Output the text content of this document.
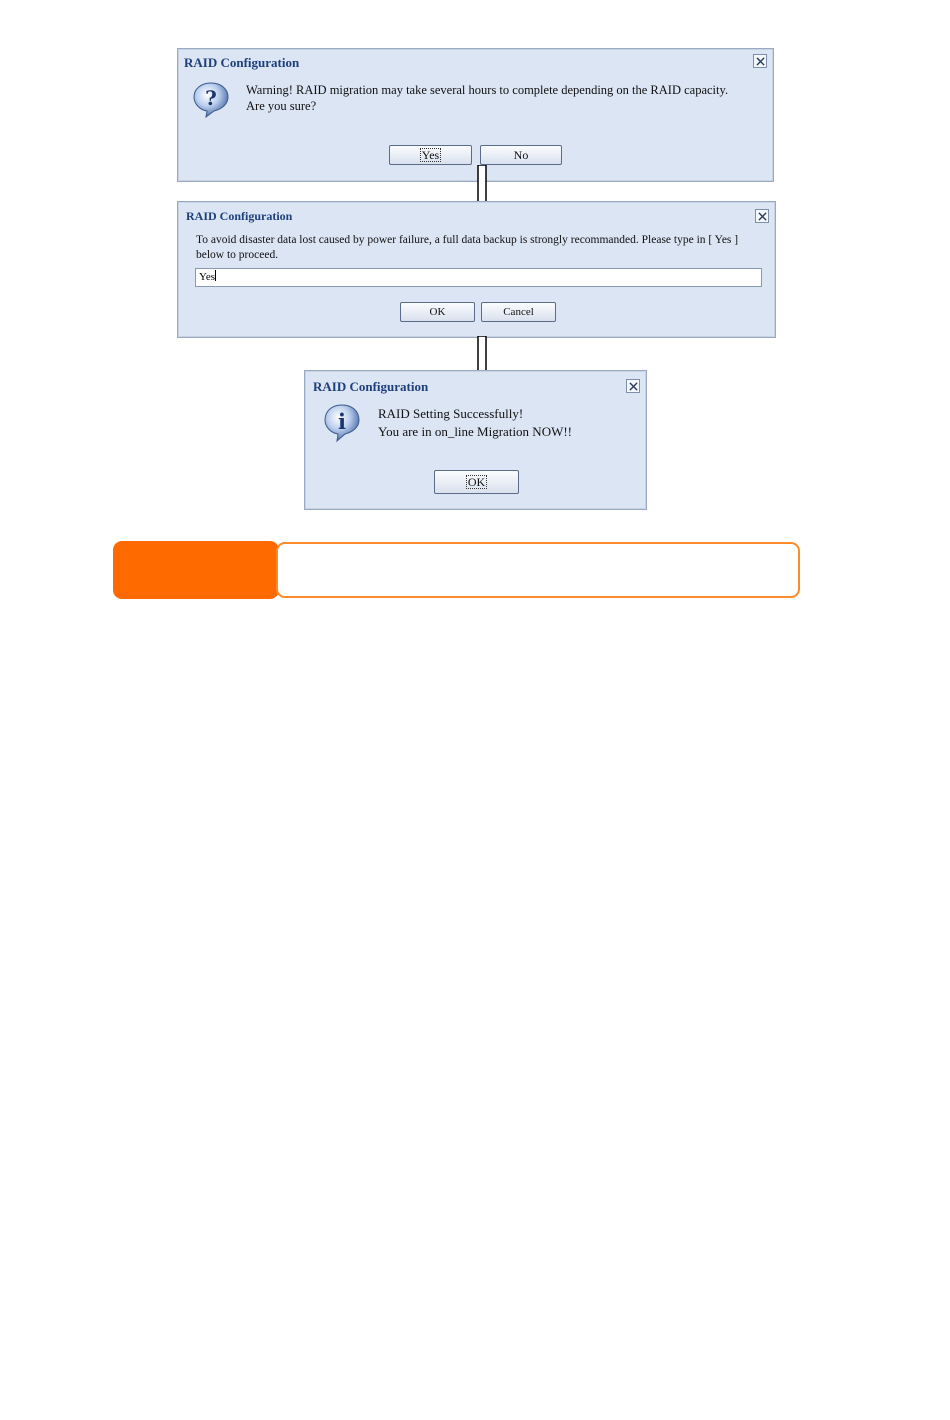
RAID Configuration
? Warning! RAID migration may take several hours to complete depending on the RAID capacity.
Are you sure?
Yes	No
RAID Configuration
To avoid disaster data lost caused by power failure, a full data backup is strongly recommanded. Please type in [ Yes ]
below to proceed.
Yes
OK	Cancel
RAID Configuration
i RAID Setting Successfully!
You are in on_line Migration NOW!!
OK
